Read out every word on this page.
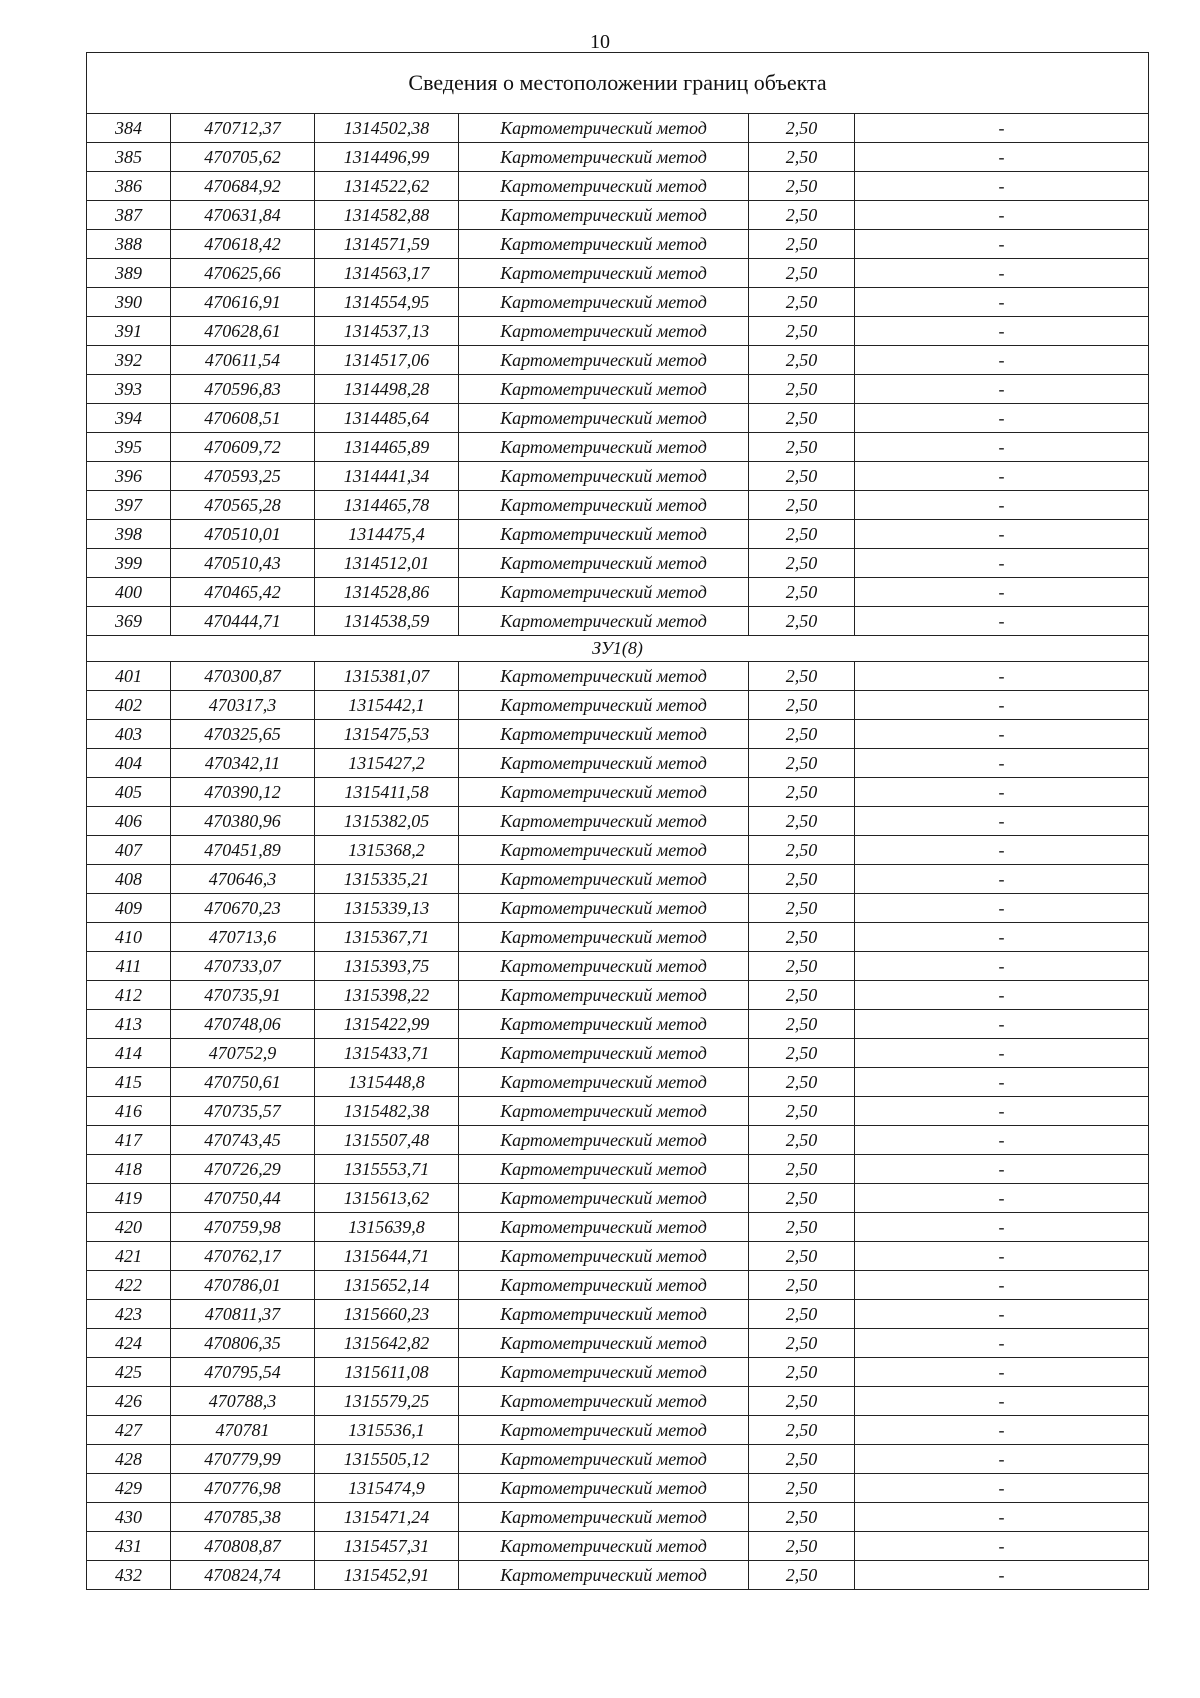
10
Сведения о местоположении границ объекта					
384	470712,37	1314502,38	Картометрический метод	2,50	-
385	470705,62	1314496,99	Картометрический метод	2,50	-
386	470684,92	1314522,62	Картометрический метод	2,50	-
387	470631,84	1314582,88	Картометрический метод	2,50	-
388	470618,42	1314571,59	Картометрический метод	2,50	-
389	470625,66	1314563,17	Картометрический метод	2,50	-
390	470616,91	1314554,95	Картометрический метод	2,50	-
391	470628,61	1314537,13	Картометрический метод	2,50	-
392	470611,54	1314517,06	Картометрический метод	2,50	-
393	470596,83	1314498,28	Картометрический метод	2,50	-
394	470608,51	1314485,64	Картометрический метод	2,50	-
395	470609,72	1314465,89	Картометрический метод	2,50	-
396	470593,25	1314441,34	Картометрический метод	2,50	-
397	470565,28	1314465,78	Картометрический метод	2,50	-
398	470510,01	1314475,4	Картометрический метод	2,50	-
399	470510,43	1314512,01	Картометрический метод	2,50	-
400	470465,42	1314528,86	Картометрический метод	2,50	-
369	470444,71	1314538,59	Картометрический метод	2,50	-
ЗУ1(8)					
401	470300,87	1315381,07	Картометрический метод	2,50	-
402	470317,3	1315442,1	Картометрический метод	2,50	-
403	470325,65	1315475,53	Картометрический метод	2,50	-
404	470342,11	1315427,2	Картометрический метод	2,50	-
405	470390,12	1315411,58	Картометрический метод	2,50	-
406	470380,96	1315382,05	Картометрический метод	2,50	-
407	470451,89	1315368,2	Картометрический метод	2,50	-
408	470646,3	1315335,21	Картометрический метод	2,50	-
409	470670,23	1315339,13	Картометрический метод	2,50	-
410	470713,6	1315367,71	Картометрический метод	2,50	-
411	470733,07	1315393,75	Картометрический метод	2,50	-
412	470735,91	1315398,22	Картометрический метод	2,50	-
413	470748,06	1315422,99	Картометрический метод	2,50	-
414	470752,9	1315433,71	Картометрический метод	2,50	-
415	470750,61	1315448,8	Картометрический метод	2,50	-
416	470735,57	1315482,38	Картометрический метод	2,50	-
417	470743,45	1315507,48	Картометрический метод	2,50	-
418	470726,29	1315553,71	Картометрический метод	2,50	-
419	470750,44	1315613,62	Картометрический метод	2,50	-
420	470759,98	1315639,8	Картометрический метод	2,50	-
421	470762,17	1315644,71	Картометрический метод	2,50	-
422	470786,01	1315652,14	Картометрический метод	2,50	-
423	470811,37	1315660,23	Картометрический метод	2,50	-
424	470806,35	1315642,82	Картометрический метод	2,50	-
425	470795,54	1315611,08	Картометрический метод	2,50	-
426	470788,3	1315579,25	Картометрический метод	2,50	-
427	470781	1315536,1	Картометрический метод	2,50	-
428	470779,99	1315505,12	Картометрический метод	2,50	-
429	470776,98	1315474,9	Картометрический метод	2,50	-
430	470785,38	1315471,24	Картометрический метод	2,50	-
431	470808,87	1315457,31	Картометрический метод	2,50	-
432	470824,74	1315452,91	Картометрический метод	2,50	-
